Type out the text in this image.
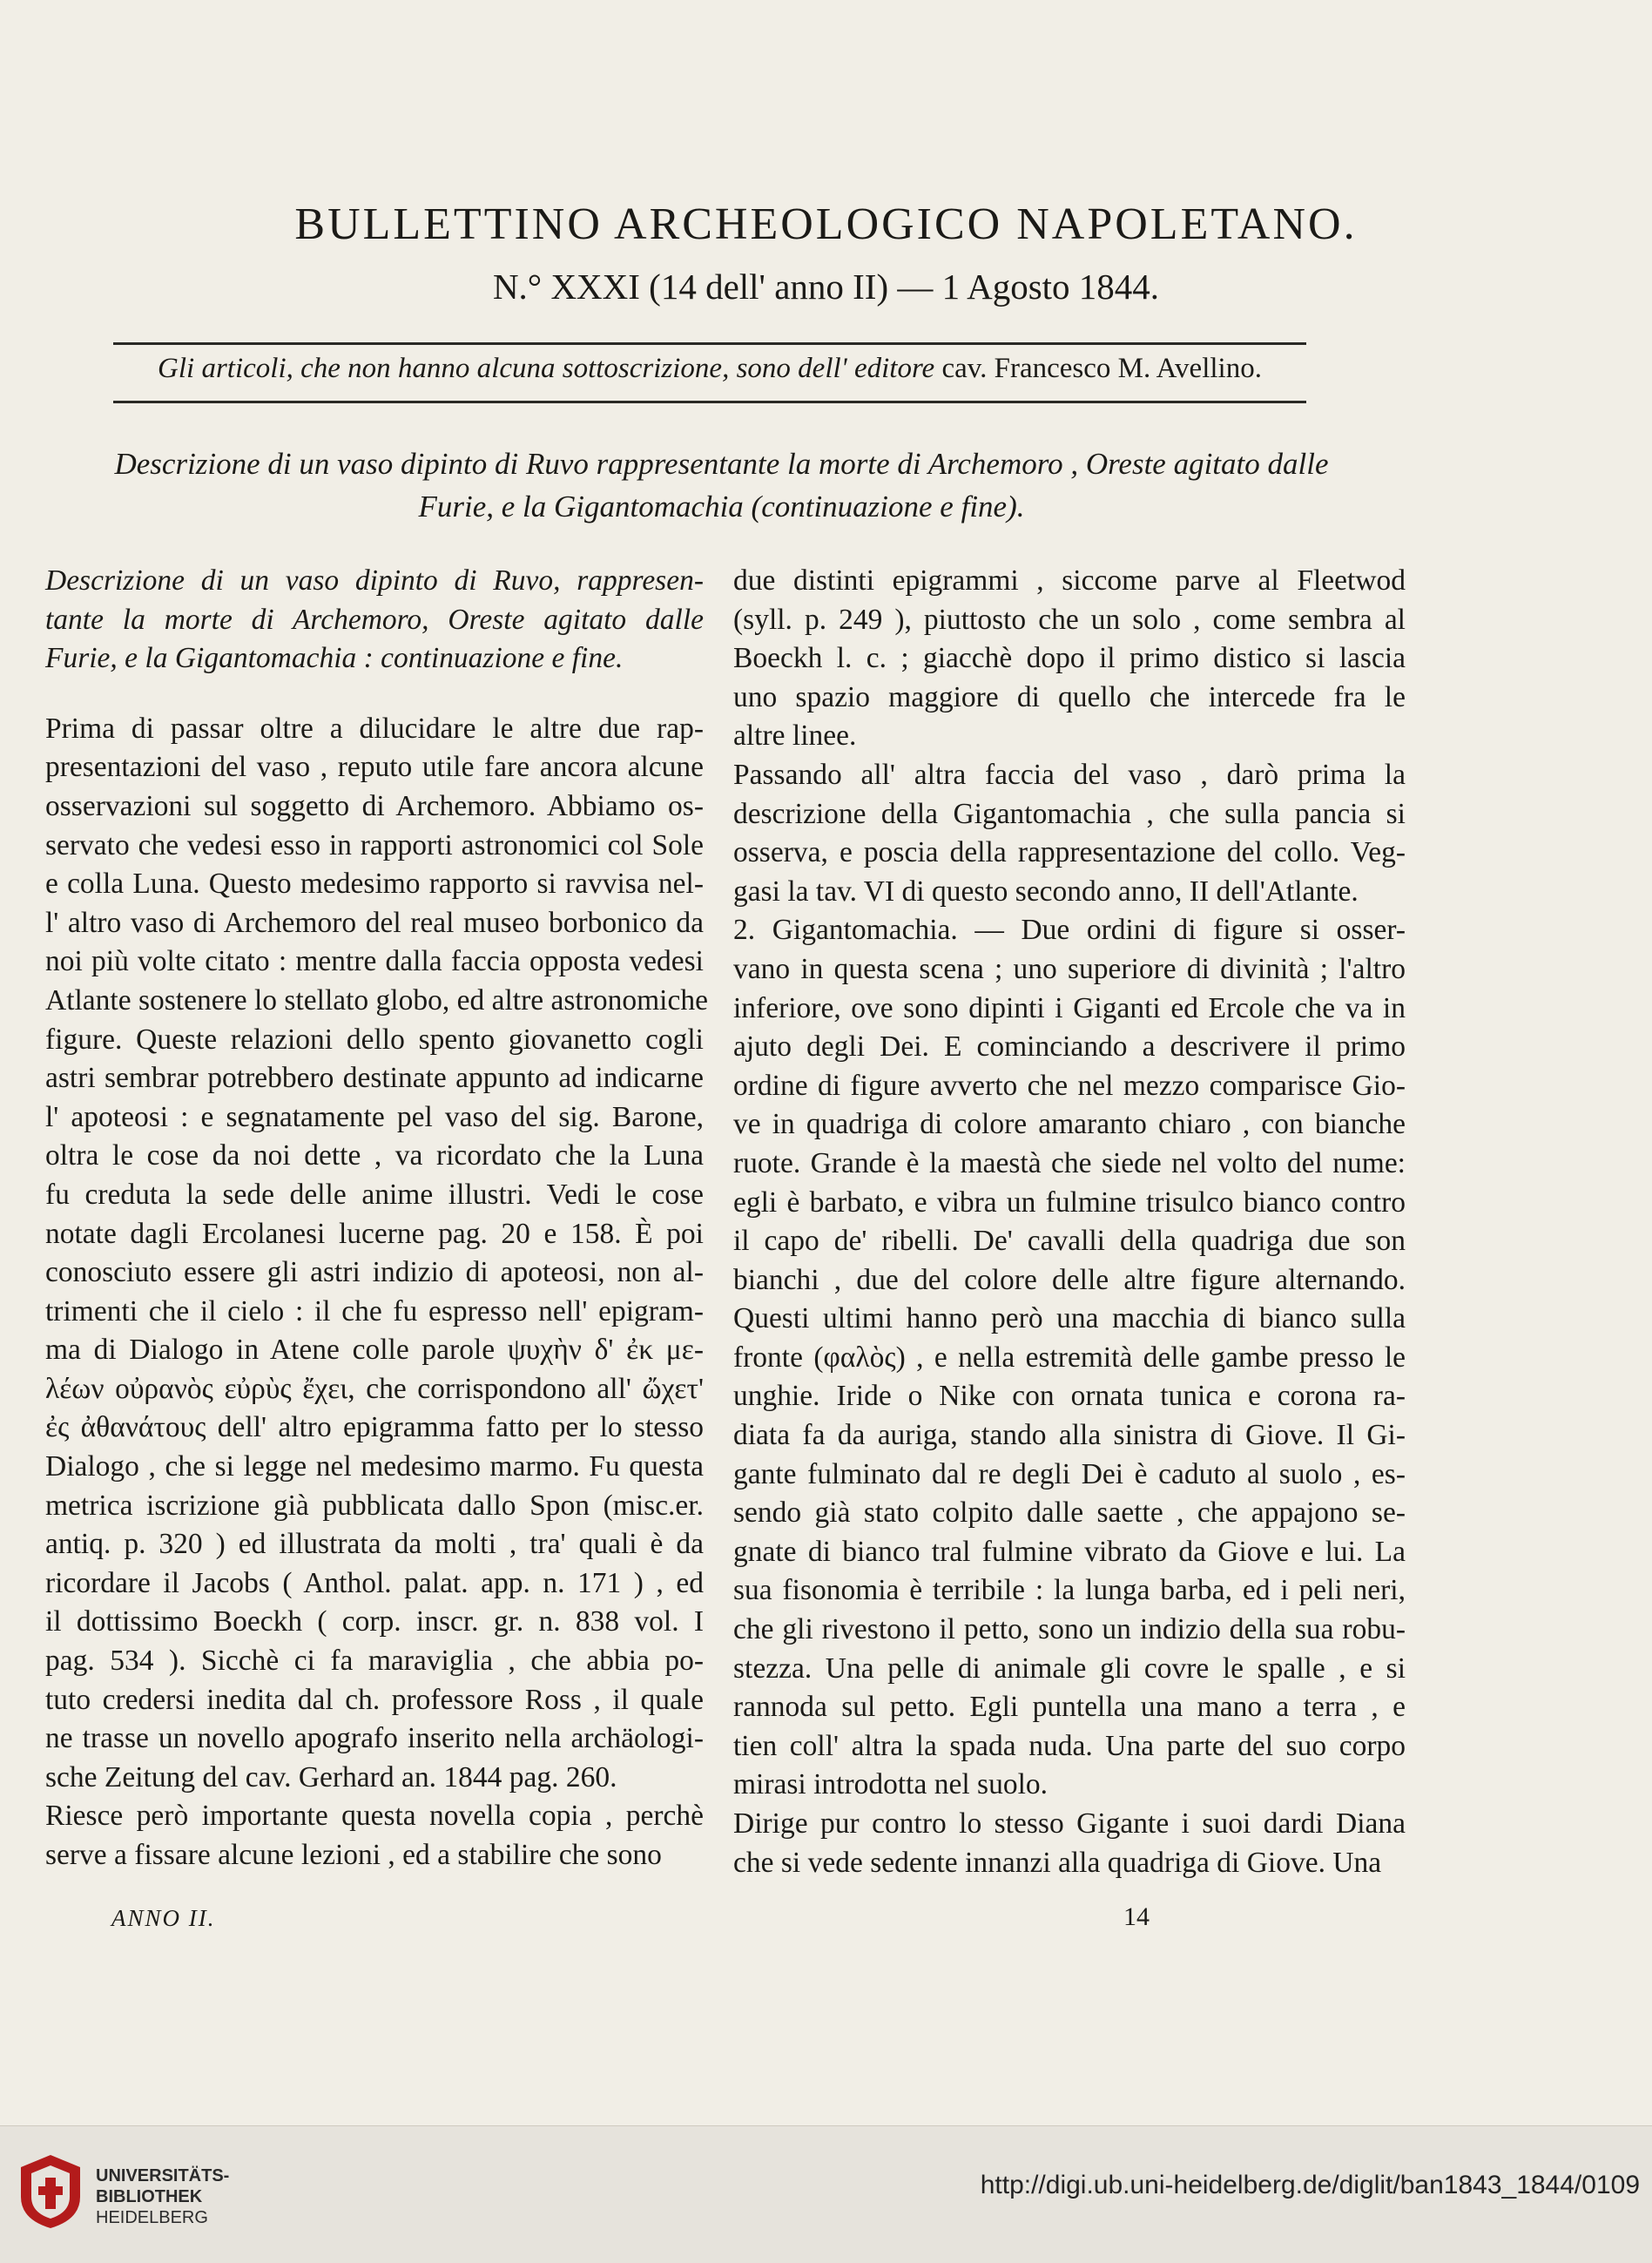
BULLETTINO ARCHEOLOGICO NAPOLETANO.
N.° XXXI (14 dell' anno II) — 1 Agosto 1844.
Gli articoli, che non hanno alcuna sottoscrizione, sono dell' editore cav. Francesco M. Avellino.
Descrizione di un vaso dipinto di Ruvo rappresentante la morte di Archemoro , Oreste agitato dalle
Furie, e la Gigantomachia (continuazione e fine).
Descrizione di un vaso dipinto di Ruvo, rappresen-
tante la morte di Archemoro, Oreste agitato dalle
Furie, e la Gigantomachia : continuazione e fine.
Prima di passar oltre a dilucidare le altre due rap-
presentazioni del vaso , reputo utile fare ancora alcune
osservazioni sul soggetto di Archemoro. Abbiamo os-
servato che vedesi esso in rapporti astronomici col Sole
e colla Luna. Questo medesimo rapporto si ravvisa nel-
l' altro vaso di Archemoro del real museo borbonico da
noi più volte citato : mentre dalla faccia opposta vedesi
Atlante sostenere lo stellato globo, ed altre astronomiche
figure. Queste relazioni dello spento giovanetto cogli
astri sembrar potrebbero destinate appunto ad indicarne
l' apoteosi : e segnatamente pel vaso del sig. Barone,
oltra le cose da noi dette , va ricordato che la Luna
fu creduta la sede delle anime illustri. Vedi le cose
notate dagli Ercolanesi lucerne pag. 20 e 158. È poi
conosciuto essere gli astri indizio di apoteosi, non al-
trimenti che il cielo : il che fu espresso nell' epigram-
ma di Dialogo in Atene colle parole ψυχὴν δ' ἐκ με-
λέων οὐρανὸς εὐρὺς ἔχει, che corrispondono all' ὤχετ'
ἐς ἀθανάτους dell' altro epigramma fatto per lo stesso
Dialogo , che si legge nel medesimo marmo. Fu questa
metrica iscrizione già pubblicata dallo Spon (misc.er.
antiq. p. 320 ) ed illustrata da molti , tra' quali è da
ricordare il Jacobs ( Anthol. palat. app. n. 171 ) , ed
il dottissimo Boeckh ( corp. inscr. gr. n. 838 vol. I
pag. 534 ). Sicchè ci fa maraviglia , che abbia po-
tuto credersi inedita dal ch. professore Ross , il quale
ne trasse un novello apografo inserito nella archäologi-
sche Zeitung del cav. Gerhard an. 1844 pag. 260.
Riesce però importante questa novella copia , perchè
serve a fissare alcune lezioni , ed a stabilire che sono
due distinti epigrammi , siccome parve al Fleetwod
(syll. p. 249 ), piuttosto che un solo , come sembra al
Boeckh l. c. ; giacchè dopo il primo distico si lascia
uno spazio maggiore di quello che intercede fra le
altre linee.
Passando all' altra faccia del vaso , darò prima la
descrizione della Gigantomachia , che sulla pancia si
osserva, e poscia della rappresentazione del collo. Veg-
gasi la tav. VI di questo secondo anno, II dell'Atlante.
2. Gigantomachia. — Due ordini di figure si osser-
vano in questa scena ; uno superiore di divinità ; l'altro
inferiore, ove sono dipinti i Giganti ed Ercole che va in
ajuto degli Dei. E cominciando a descrivere il primo
ordine di figure avverto che nel mezzo comparisce Gio-
ve in quadriga di colore amaranto chiaro , con bianche
ruote. Grande è la maestà che siede nel volto del nume:
egli è barbato, e vibra un fulmine trisulco bianco contro
il capo de' ribelli. De' cavalli della quadriga due son
bianchi , due del colore delle altre figure alternando.
Questi ultimi hanno però una macchia di bianco sulla
fronte (φαλὸς) , e nella estremità delle gambe presso le
unghie. Iride o Nike con ornata tunica e corona ra-
diata fa da auriga, stando alla sinistra di Giove. Il Gi-
gante fulminato dal re degli Dei è caduto al suolo , es-
sendo già stato colpito dalle saette , che appajono se-
gnate di bianco tral fulmine vibrato da Giove e lui. La
sua fisonomia è terribile : la lunga barba, ed i peli neri,
che gli rivestono il petto, sono un indizio della sua robu-
stezza. Una pelle di animale gli covre le spalle , e si
rannoda sul petto. Egli puntella una mano a terra , e
tien coll' altra la spada nuda. Una parte del suo corpo
mirasi introdotta nel suolo.
Dirige pur contro lo stesso Gigante i suoi dardi Diana
che si vede sedente innanzi alla quadriga di Giove. Una
ANNO II.	14
UNIVERSITÄTS-
BIBLIOTHEK
HEIDELBERG
http://digi.ub.uni-heidelberg.de/diglit/ban1843_1844/0109
